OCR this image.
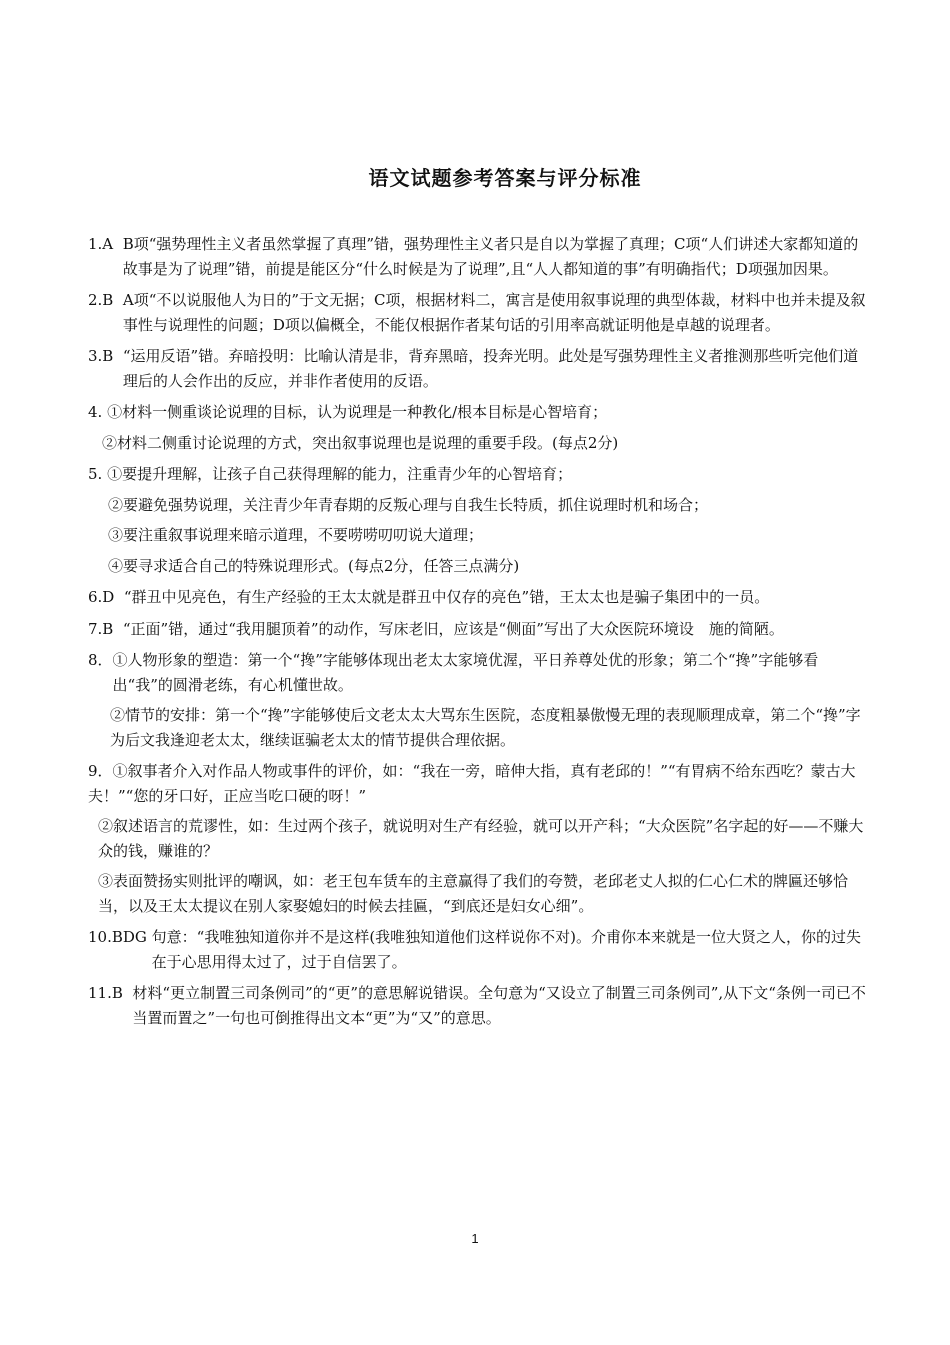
语文试题参考答案与评分标准
1.A B项“强势理性主义者虽然掌握了真理”错，强势理性主义者只是自以为掌握了真理；C项“人们讲述大家都知道的故事是为了说理”错，前提是能区分“什么时候是为了说理”,且“人人都知道的事”有明确指代；D项强加因果。
2.B A项“不以说服他人为日的”于文无据；C项，根据材料二，寓言是使用叙事说理的典型体裁，材料中也并未提及叙事性与说理性的问题；D项以偏概全，不能仅根据作者某句话的引用率高就证明他是卓越的说理者。
3.B “运用反语”错。弃暗投明：比喻认清是非，背弃黑暗，投奔光明。此处是写强势理性主义者推测那些听完他们道理后的人会作出的反应，并非作者使用的反语。
4. ①材料一侧重谈论说理的目标，认为说理是一种教化/根本目标是心智培育；
②材料二侧重讨论说理的方式，突出叙事说理也是说理的重要手段。(每点2分)
5. ①要提升理解，让孩子自己获得理解的能力，注重青少年的心智培育；
②要避免强势说理，关注青少年青春期的反叛心理与自我生长特质，抓住说理时机和场合；
③要注重叙事说理来暗示道理，不要唠唠叨叨说大道理；
④要寻求适合自己的特殊说理形式。(每点2分，任答三点满分)
6.D “群丑中见亮色，有生产经验的王太太就是群丑中仅存的亮色”错，王太太也是骗子集团中的一员。
7.B “正面”错，通过“我用腿顶着”的动作，写床老旧，应该是“侧面”写出了大众医院环境设　施的简陋。
8． ①人物形象的塑造：第一个“搀”字能够体现出老太太家境优渥，平日养尊处优的形象；第二个“搀”字能够看出“我”的圆滑老练，有心机懂世故。
②情节的安排：第一个“搀”字能够使后文老太太大骂东生医院，态度粗暴傲慢无理的表现顺理成章，第二个“搀”字为后文我逢迎老太太，继续诓骗老太太的情节提供合理依据。
9．①叙事者介入对作品人物或事件的评价，如：“我在一旁，暗伸大指，真有老邱的！”“有胃病不给东西吃？蒙古大夫！”“您的牙口好，正应当吃口硬的呀！”
②叙述语言的荒谬性，如：生过两个孩子，就说明对生产有经验，就可以开产科；“大众医院”名字起的好——不赚大众的钱，赚谁的？
③表面赞扬实则批评的嘲讽，如：老王包车赁车的主意赢得了我们的夸赞，老邱老丈人拟的仁心仁术的牌匾还够恰当，以及王太太提议在别人家娶媳妇的时候去挂匾，“到底还是妇女心细”。
10.BDG 句意：“我唯独知道你并不是这样(我唯独知道他们这样说你不对)。介甫你本来就是一位大贤之人，你的过失在于心思用得太过了，过于自信罢了。
11.B 材料“更立制置三司条例司”的“更”的意思解说错误。全句意为“又设立了制置三司条例司”,从下文“条例一司已不当置而置之”一句也可倒推得出文本“更”为“又”的意思。
1
